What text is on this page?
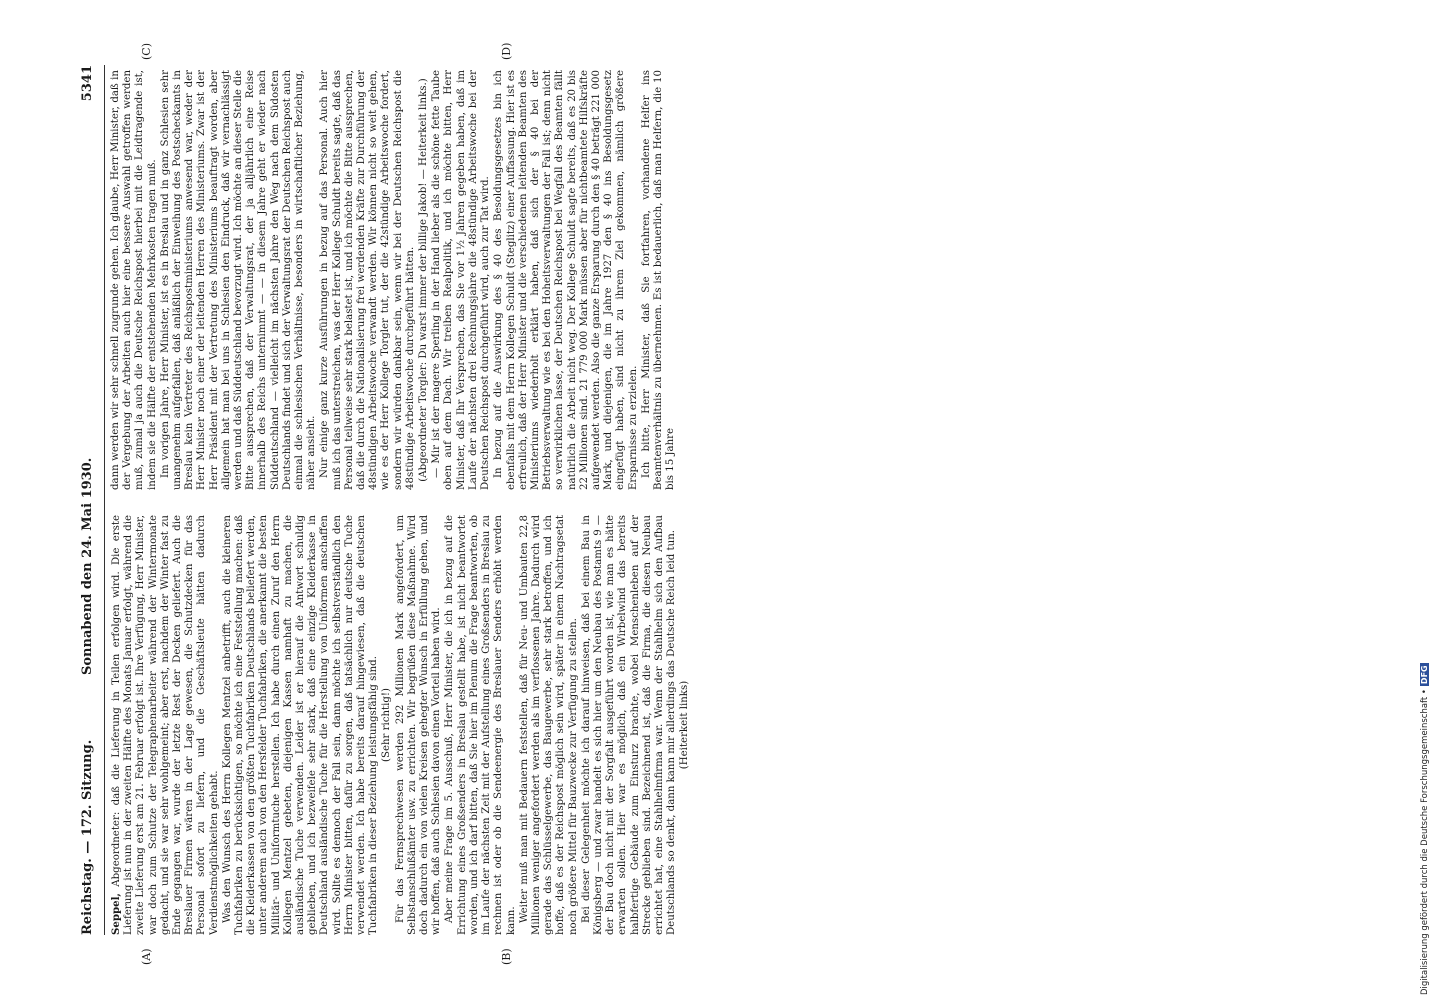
Reichstag. — 172. Sitzung.
Sonnabend den 24. Mai 1930.
5341
(A)	(B)
(C)	(D)

Seppel, Abgeordneter: daß die Lieferung in Teilen erfolgen wird. Die erste Lieferung ist nun in der zweiten Hälfte des Monats Januar erfolgt, während die zweite Lieferung erst am 21. Februar erfolgt ist. Ihre Verfügung, Herr Minister, war doch zum Schutze der Telegraphenarbeiter während der Wintermonate gedacht, und sie war sehr wohlgemeint; aber erst, nachdem der Winter fast zu Ende gegangen war, wurde der letzte Rest der Decken geliefert. Auch die Breslauer Firmen wären in der Lage gewesen, die Schutzdecken für das Personal sofort zu liefern, und die Geschäftsleute hätten dadurch Verdienstmöglichkeiten gehabt. Was den Wunsch des Herrn Kollegen Mentzel anbetrifft, auch die kleineren Tuchfabriken zu berücksichtigen, so möchte ich eine Feststellung machen: daß die Kleiderkassen von den größten Tuchfabriken Deutschlands beliefert werden, unter anderem auch von den Hersfelder Tuchfabriken, die anerkannt die besten Militär- und Uniformtuche herstellen. Ich habe durch einen Zuruf den Herrn Kollegen Mentzel gebeten, diejenigen Kassen namhaft zu machen, die ausländische Tuche verwenden. Leider ist er hierauf die Antwort schuldig geblieben, und ich bezweifele sehr stark, daß eine einzige Kleiderkasse in Deutschland ausländische Tuche für die Herstellung von Uniformen anschaffen wird. Sollte es dennoch der Fall sein, dann möchte ich selbstverständlich den Herrn Minister bitten, dafür zu sorgen, daß tatsächlich nur deutsche Tuche verwendet werden. Ich habe bereits darauf hingewiesen, daß die deutschen Tuchfabriken in dieser Beziehung leistungsfähig sind. (Sehr richtig!) Für das Fernsprechwesen werden 292 Millionen Mark angefordert, um Selbstanschlußämter usw. zu errichten. Wir begrüßen diese Maßnahme. Wird doch dadurch ein von vielen Kreisen gehegter Wunsch in Erfüllung gehen, und wir hoffen, daß auch Schlesien davon einen Vorteil haben wird. Aber meine Frage im 5. Ausschuß, Herr Minister, die ich in bezug auf die Errichtung eines Großsenders in Breslau gestellt habe, ist nicht beantwortet worden, und ich darf bitten, daß Sie hier im Plenum die Frage beantworten, ob im Laufe der nächsten Zeit mit der Aufstellung eines Großsenders in Breslau zu rechnen ist oder ob die Sendeenergie des Breslauer Senders erhöht werden kann. Weiter muß man mit Bedauern feststellen, daß für Neu- und Umbauten 22,8 Millionen weniger angefordert werden als im verflossenen Jahre. Dadurch wird gerade das Schlüsselgewerbe, das Baugewerbe, sehr stark betroffen, und ich hoffe, daß es der Reichspost möglich sein wird, später in einem Nachtragsetat noch größere Mittel für Bauzwecke zur Verfügung zu stellen. Bei dieser Gelegenheit möchte ich darauf hinweisen, daß bei einem Bau in Königsberg — und zwar handelt es sich hier um den Neubau des Postamts 9 — der Bau doch nicht mit der Sorgfalt ausgeführt worden ist, wie man es hätte erwarten sollen. Hier war es möglich, daß ein Wirbelwind das bereits halbfertige Gebäude zum Einsturz brachte, wobei Menschenleben auf der Strecke geblieben sind. Bezeichnend ist, daß die Firma, die diesen Neubau errichtet hat, eine Stahlhelmfirma war. Wenn der Stahlhelm sich den Aufbau Deutschlands so denkt, dann kann mir allerdings das Deutsche Reich leid tun. (Heiterkeit links)

dann werden wir sehr schnell zugrunde gehen. Ich glaube, Herr Minister, daß in der Vergebung der Arbeiten auch hier eine bessere Auswahl getroffen werden muß, zumal ja auch die Deutsche Reichspost hierbei mit die Leidtragende ist, indem sie die Hälfte der entstehenden Mehrkosten tragen muß. Im vorigen Jahre, Herr Minister, ist es in Breslau und in ganz Schlesien sehr unangenehm aufgefallen, daß anläßlich der Einweihung des Postscheckamts in Breslau kein Vertreter des Reichspostministeriums anwesend war, weder der Herr Minister noch einer der leitenden Herren des Ministeriums. Zwar ist der Herr Präsident mit der Vertretung des Ministeriums beauftragt worden, aber allgemein hat man bei uns in Schlesien den Eindruck, daß wir vernachlässigt werden und daß Süddeutschland bevorzugt wird. Ich möchte an dieser Stelle die Bitte aussprechen, daß der Verwaltungsrat, der ja alljährlich eine Reise innerhalb des Reichs unternimmt — — in diesem Jahre geht er wieder nach Süddeutschland — vielleicht im nächsten Jahre den Weg nach dem Südosten Deutschlands findet und sich der Verwaltungsrat der Deutschen Reichspost auch einmal die schlesischen Verhältnisse, besonders in wirtschaftlicher Beziehung, näher ansieht. Nur einige ganz kurze Ausführungen in bezug auf das Personal. Auch hier muß ich das unterstreichen, was der Herr Kollege Schuldt bereits sagte, daß das Personal teilweise sehr stark belastet ist, und ich möchte die Bitte aussprechen, daß die durch die Nationalisierung frei werdenden Kräfte zur Durchführung der 48stündigen Arbeitswoche verwandt werden. Wir können nicht so weit gehen, wie es der Herr Kollege Torgler tut, der die 42stündige Arbeitswoche fordert, sondern wir würden dankbar sein, wenn wir bei der Deutschen Reichspost die 48stündige Arbeitswoche durchgeführt hätten. (Abgeordneter Torgler: Du warst immer der billige Jakob! — Heiterkeit links.) — Mir ist der magere Sperling in der Hand lieber als die schöne fette Taube oben auf dem Dach. Wir treiben Realpolitik, und ich möchte bitten, Herr Minister, daß Ihr Versprechen, das Sie vor 1½ Jahren gegeben haben, daß im Laufe der nächsten drei Rechnungsjahre die 48stündige Arbeitswoche bei der Deutschen Reichspost durchgeführt wird, auch zur Tat wird. In bezug auf die Auswirkung des § 40 des Besoldungsgesetzes bin ich ebenfalls mit dem Herrn Kollegen Schuldt (Steglitz) einer Auffassung. Hier ist es erfreulich, daß der Herr Minister und die verschiedenen leitenden Beamten des Ministeriums wiederholt erklärt haben, daß sich der § 40 bei der Betriebsverwaltung wie es bei den Hoheitsverwaltungen der Fall ist; denn nicht so verwirklichen lasse, der Deutschen Reichspost bei Wegfall des Beamten fällt natürlich die Arbeit nicht weg. Der Kollege Schuldt sagte bereits, daß es 20 bis 22 Millionen sind. 21 779 000 Mark müssen aber für nichtbeamtete Hilfskräfte aufgewendet werden. Also die ganze Ersparung durch den § 40 beträgt 221 000 Mark, und diejenigen, die im Jahre 1927 den § 40 ins Besoldungsgesetz eingefügt haben, sind nicht zu ihrem Ziel gekommen, nämlich größere Ersparnisse zu erzielen. Ich bitte, Herr Minister, daß Sie fortfahren, vorhandene Helfer ins Beamtenverhältnis zu übernehmen. Es ist bedauerlich, daß man Helfern, die 10 bis 15 Jahre

Digitalisierung gefördert durch die Deutsche Forschungsgemeinschaft •DFG
